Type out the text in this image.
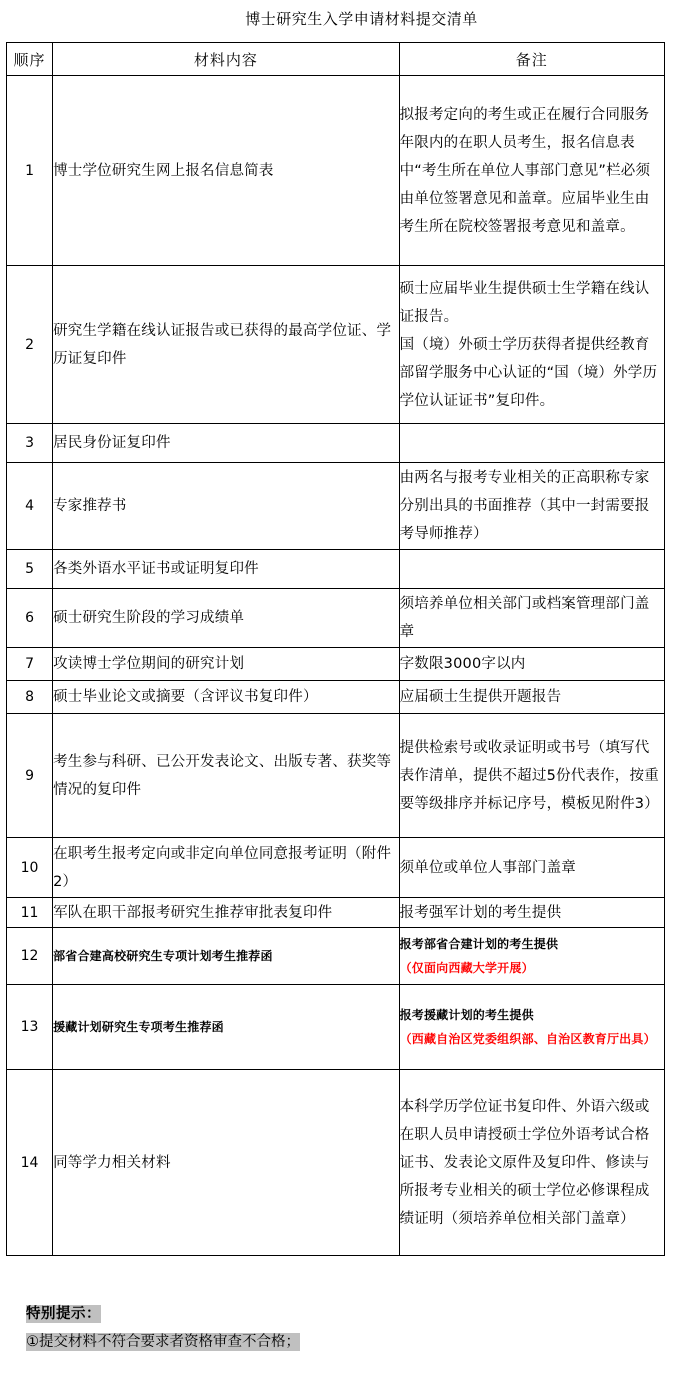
博士研究生入学申请材料提交清单
顺序	材料内容	备注
1	博士学位研究生网上报名信息简表	拟报考定向的考生或正在履行合同服务年限内的在职人员考生，报名信息表中“考生所在单位人事部门意见”栏必须由单位签署意见和盖章。应届毕业生由考生所在院校签署报考意见和盖章。
2	研究生学籍在线认证报告或已获得的最高学位证、学历证复印件	硕士应届毕业生提供硕士生学籍在线认证报告。
国（境）外硕士学历获得者提供经教育部留学服务中心认证的“国（境）外学历学位认证证书”复印件。

3	居民身份证复印件	
4	专家推荐书	由两名与报考专业相关的正高职称专家分别出具的书面推荐（其中一封需要报考导师推荐）
5	各类外语水平证书或证明复印件	
6	硕士研究生阶段的学习成绩单	须培养单位相关部门或档案管理部门盖章
7	攻读博士学位期间的研究计划	字数限3000字以内
8	硕士毕业论文或摘要（含评议书复印件）	应届硕士生提供开题报告
9	考生参与科研、已公开发表论文、出版专著、获奖等情况的复印件	提供检索号或收录证明或书号（填写代表作清单，提供不超过5份代表作，按重要等级排序并标记序号，模板见附件3）
10	在职考生报考定向或非定向单位同意报考证明（附件2）	须单位或单位人事部门盖章
11	军队在职干部报考研究生推荐审批表复印件	报考强军计划的考生提供
12	部省合建高校研究生专项计划考生推荐函	报考部省合建计划的考生提供
（仅面向西藏大学开展）

13	援藏计划研究生专项考生推荐函	报考援藏计划的考生提供
（西藏自治区党委组织部、自治区教育厅出具）

14	同等学力相关材料	本科学历学位证书复印件、外语六级或在职人员申请授硕士学位外语考试合格证书、发表论文原件及复印件、修读与所报考专业相关的硕士学位必修课程成绩证明（须培养单位相关部门盖章）
特别提示：
①提交材料不符合要求者资格审查不合格；
